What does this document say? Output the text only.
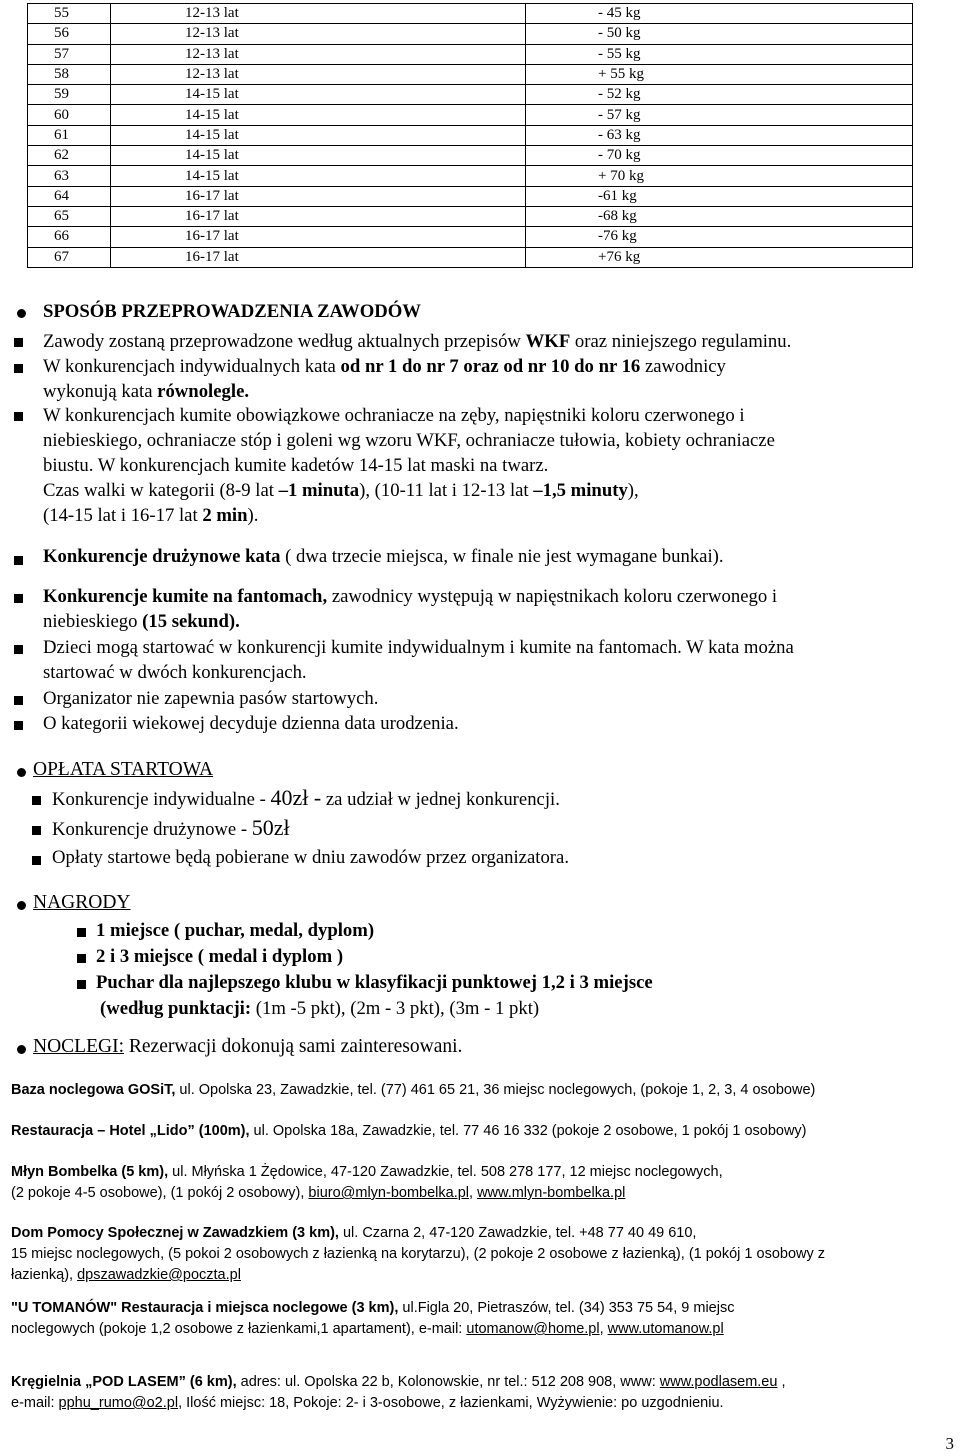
55	12-13 lat	- 45 kg
56	12-13 lat	- 50 kg
57	12-13 lat	- 55 kg
58	12-13 lat	+ 55 kg
59	14-15 lat	- 52 kg
60	14-15 lat	- 57 kg
61	14-15 lat	- 63 kg
62	14-15 lat	- 70 kg
63	14-15 lat	+ 70 kg
64	16-17 lat	-61 kg
65	16-17 lat	-68 kg
66	16-17 lat	-76 kg
67	16-17 lat	+76 kg
SPOSÓB PRZEPROWADZENIA ZAWODÓW
Zawody zostaną przeprowadzone według aktualnych przepisów WKF oraz niniejszego regulaminu.
W konkurencjach indywidualnych kata od nr 1 do nr 7 oraz od nr 10 do nr 16 zawodnicy
wykonują kata równolegle.
W konkurencjach kumite obowiązkowe ochraniacze na zęby, napięstniki koloru czerwonego i
niebieskiego, ochraniacze stóp i goleni wg wzoru WKF, ochraniacze tułowia, kobiety ochraniacze
biustu. W konkurencjach kumite kadetów 14-15 lat maski na twarz.
Czas walki w kategorii (8-9 lat –1 minuta), (10-11 lat i 12-13 lat –1,5 minuty),
(14-15 lat i 16-17 lat 2 min).
Konkurencje drużynowe kata ( dwa trzecie miejsca, w finale nie jest wymagane bunkai).
Konkurencje kumite na fantomach, zawodnicy występują w napięstnikach koloru czerwonego i
niebieskiego (15 sekund).
Dzieci mogą startować w konkurencji kumite indywidualnym i kumite na fantomach. W kata można
startować w dwóch konkurencjach.
Organizator nie zapewnia pasów startowych.
O kategorii wiekowej decyduje dzienna data urodzenia.
OPŁATA STARTOWA
Konkurencje indywidualne - 40zł - za udział w jednej konkurencji.
Konkurencje drużynowe - 50zł
Opłaty startowe będą pobierane w dniu zawodów przez organizatora.
NAGRODY
1 miejsce ( puchar, medal, dyplom)
2 i 3 miejsce ( medal i dyplom )
Puchar dla najlepszego klubu w klasyfikacji punktowej 1,2 i 3 miejsce
(według punktacji: (1m -5 pkt), (2m - 3 pkt), (3m - 1 pkt)
NOCLEGI: Rezerwacji dokonują sami zainteresowani.
Baza noclegowa GOSiT, ul. Opolska 23, Zawadzkie, tel. (77) 461 65 21, 36 miejsc noclegowych, (pokoje 1, 2, 3, 4 osobowe)
Restauracja – Hotel „Lido” (100m), ul. Opolska 18a, Zawadzkie, tel. 77 46 16 332 (pokoje 2 osobowe, 1 pokój 1 osobowy)
Młyn Bombelka (5 km), ul. Młyńska 1 Żędowice, 47-120 Zawadzkie, tel. 508 278 177, 12 miejsc noclegowych,
(2 pokoje 4-5 osobowe), (1 pokój 2 osobowy), biuro@mlyn-bombelka.pl, www.mlyn-bombelka.pl
Dom Pomocy Społecznej w Zawadzkiem (3 km), ul. Czarna 2, 47-120 Zawadzkie, tel. +48 77 40 49 610,
15 miejsc noclegowych, (5 pokoi 2 osobowych z łazienką na korytarzu), (2 pokoje 2 osobowe z łazienką), (1 pokój 1 osobowy z
łazienką), dpszawadzkie@poczta.pl
"U TOMANÓW" Restauracja i miejsca noclegowe (3 km), ul.Figla 20, Pietraszów, tel. (34) 353 75 54, 9 miejsc
noclegowych (pokoje 1,2 osobowe z łazienkami,1 apartament), e-mail: utomanow@home.pl, www.utomanow.pl
Kręgielnia „POD LASEM” (6 km), adres: ul. Opolska 22 b, Kolonowskie, nr tel.: 512 208 908, www: www.podlasem.eu ,
e-mail: pphu_rumo@o2.pl, Ilość miejsc: 18, Pokoje: 2- i 3-osobowe, z łazienkami, Wyżywienie: po uzgodnieniu.
3
